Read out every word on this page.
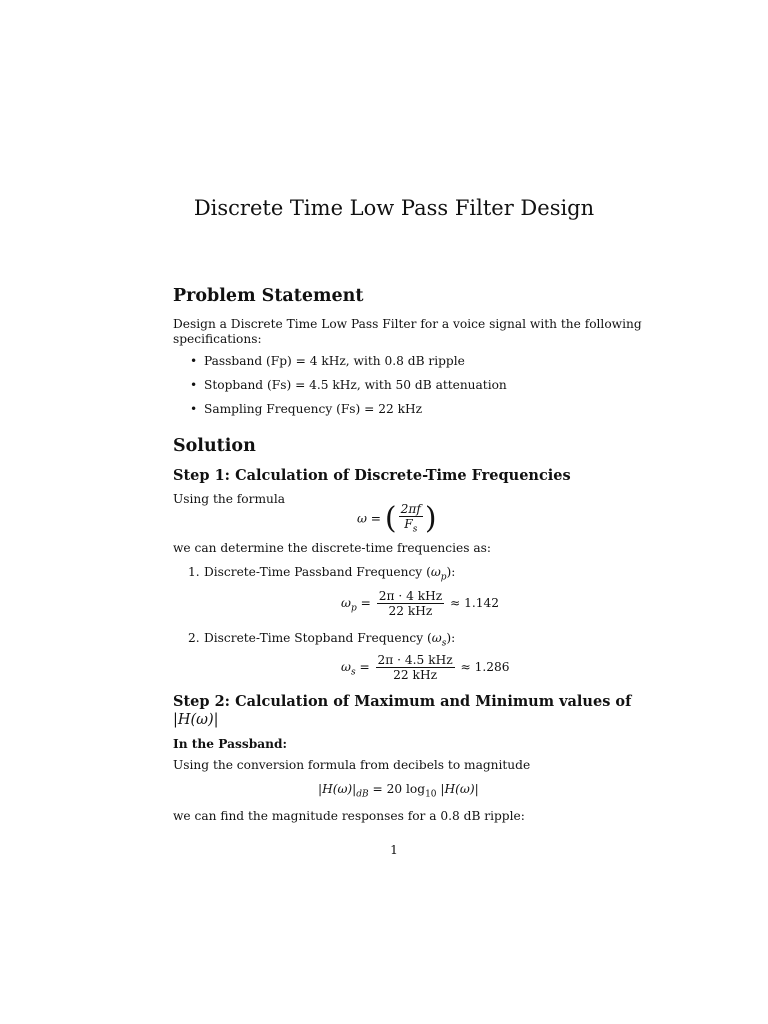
Discrete Time Low Pass Filter Design
Problem Statement
Design a Discrete Time Low Pass Filter for a voice signal with the following
specifications:
• Passband (Fp) = 4 kHz, with 0.8 dB ripple
• Stopband (Fs) = 4.5 kHz, with 50 dB attenuation
• Sampling Frequency (Fs) = 22 kHz
Solution
Step 1: Calculation of Discrete-Time Frequencies
Using the formula
ω = ( $\frac{2\pi f}{F_s}$ )
we can determine the discrete-time frequencies as:
1. Discrete-Time Passband Frequency $(\omega_p)$:
$\omega_p = \frac{\text{2π · 4 kHz}}{\text{22 kHz}} \approx 1.142$
2. Discrete-Time Stopband Frequency $(\omega_s)$:
$\omega_s = \frac{\text{2π · 4.5 kHz}}{\text{22 kHz}} \approx 1.286$
Step 2: Calculation of Maximum and Minimum values of
|H(ω)|
In the Passband:
Using the conversion formula from decibels to magnitude
$|H(\omega)|_{dB} = 20$ $\log_{10} |H(\omega)|$
we can find the magnitude responses for a 0.8 dB ripple:
1
